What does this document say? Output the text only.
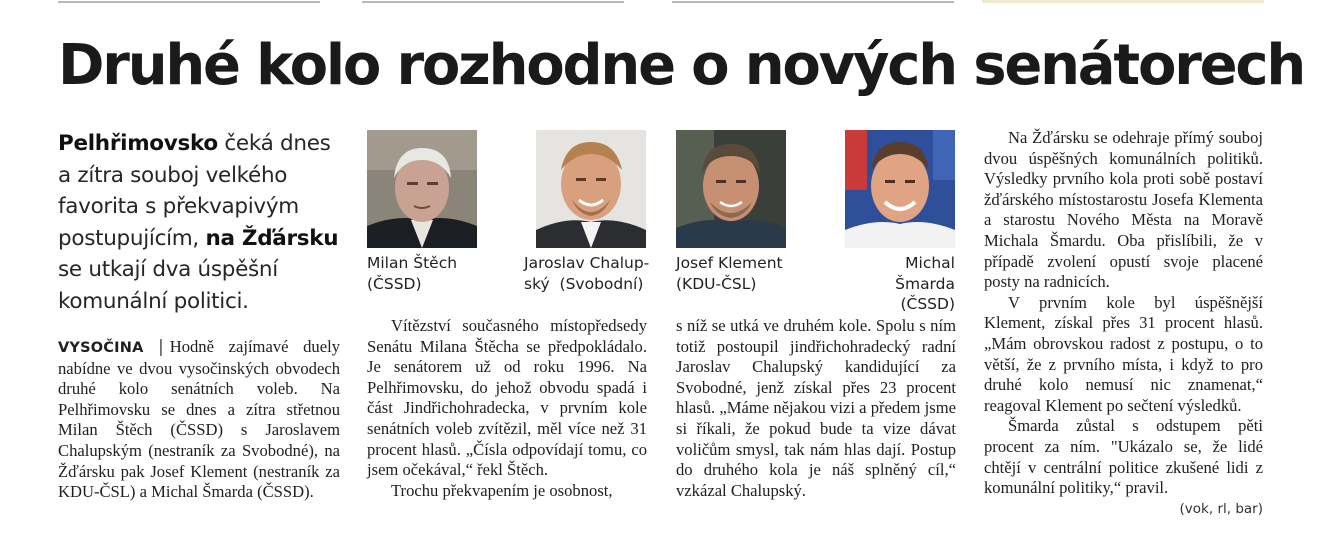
Druhé kolo rozhodne o nových senátorech

Pelhřimovsko čeká dnes a zítra souboj velkého favorita s překvapivým postupujícím, na Žďársku se utkají dva úspěšní komunální politici.

VYSOČINA | Hodně zajímavé duely nabídne ve dvou vysočinských obvodech druhé kolo senátních voleb. Na Pelhřimovsku se dnes a zítra střetnou Milan Štěch (ČSSD) s Jaroslavem Chalupským (nestraník za Svobodné), na Žďársku pak Josef Klement (nestraník za KDU-ČSL) a Michal Šmarda (ČSSD).

Milan Štěch
(ČSSD)

Jaroslav Chalup-
ský (Svobodní)

Josef Klement
(KDU-ČSL)

Michal Šmarda
(ČSSD)

Vítězství současného místopředsedy Senátu Milana Štěcha se předpokládalo. Je senátorem už od roku 1996. Na Pelhřimovsku, do jehož obvodu spadá i část Jindřichohradecka, v prvním kole senátních voleb zvítězil, měl více než 31 procent hlasů. „Čísla odpovídají tomu, co jsem očekával,“ řekl Štěch.

Trochu překvapením je osobnost,

s níž se utká ve druhém kole. Spolu s ním totiž postoupil jindřichohradecký radní Jaroslav Chalupský kandidující za Svobodné, jenž získal přes 23 procent hlasů. „Máme nějakou vizi a předem jsme si říkali, že pokud bude ta vize dávat voličům smysl, tak nám hlas dají. Postup do druhého kola je náš splněný cíl,“ vzkázal Chalupský.

Na Žďársku se odehraje přímý souboj dvou úspěšných komunálních politiků. Výsledky prvního kola proti sobě postaví žďárského místostarostu Josefa Klementa a starostu Nového Města na Moravě Michala Šmardu. Oba přislíbili, že v případě zvolení opustí svoje placené posty na radnicích.

V prvním kole byl úspěšnější Klement, získal přes 31 procent hlasů. „Mám obrovskou radost z postupu, o to větší, že z prvního místa, i když to pro druhé kolo nemusí nic znamenat,“ reagoval Klement po sečtení výsledků.

Šmarda zůstal s odstupem pěti procent za ním. "Ukázalo se, že lidé chtějí v centrální politice zkušené lidi z komunální politiky,“ pravil.
(vok, rl, bar)
